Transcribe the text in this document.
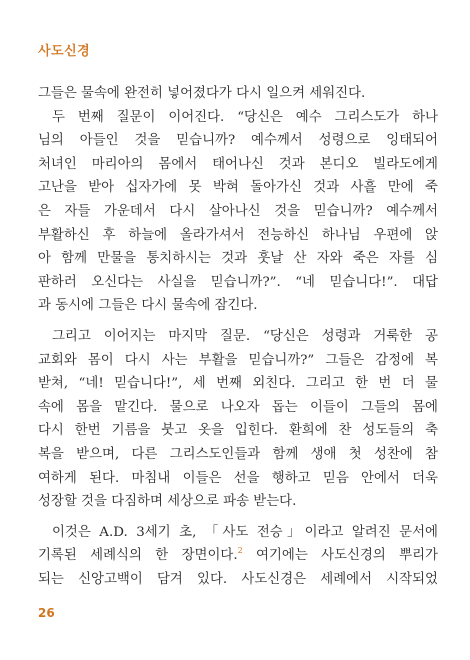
사도신경
그들은 물속에 완전히 넣어졌다가 다시 일으켜 세워진다.
두 번째 질문이 이어진다. “당신은 예수 그리스도가 하나
님의 아들인 것을 믿습니까? 예수께서 성령으로 잉태되어
처녀인 마리아의 몸에서 태어나신 것과 본디오 빌라도에게
고난을 받아 십자가에 못 박혀 돌아가신 것과 사흘 만에 죽
은 자들 가운데서 다시 살아나신 것을 믿습니까? 예수께서
부활하신 후 하늘에 올라가셔서 전능하신 하나님 우편에 앉
아 함께 만물을 통치하시는 것과 훗날 산 자와 죽은 자를 심
판하러 오신다는 사실을 믿습니까?”. “네 믿습니다!”. 대답
과 동시에 그들은 다시 물속에 잠긴다.
그리고 이어지는 마지막 질문. “당신은 성령과 거룩한 공
교회와 몸이 다시 사는 부활을 믿습니까?” 그들은 감정에 복
받쳐, “네! 믿습니다!”, 세 번째 외친다. 그리고 한 번 더 물
속에 몸을 맡긴다. 물으로 나오자 돕는 이들이 그들의 몸에
다시 한번 기름을 붓고 옷을 입힌다. 환희에 찬 성도들의 축
복을 받으며, 다른 그리스도인들과 함께 생애 첫 성찬에 참
여하게 된다. 마침내 이들은 선을 행하고 믿음 안에서 더욱
성장할 것을 다짐하며 세상으로 파송 받는다.
이것은 A.D. 3세기 초, 「사도 전승」이라고 알려진 문서에
기록된 세례식의 한 장면이다.$^2$ 여기에는 사도신경의 뿌리가
되는 신앙고백이 담겨 있다. 사도신경은 세례에서 시작되었
26
